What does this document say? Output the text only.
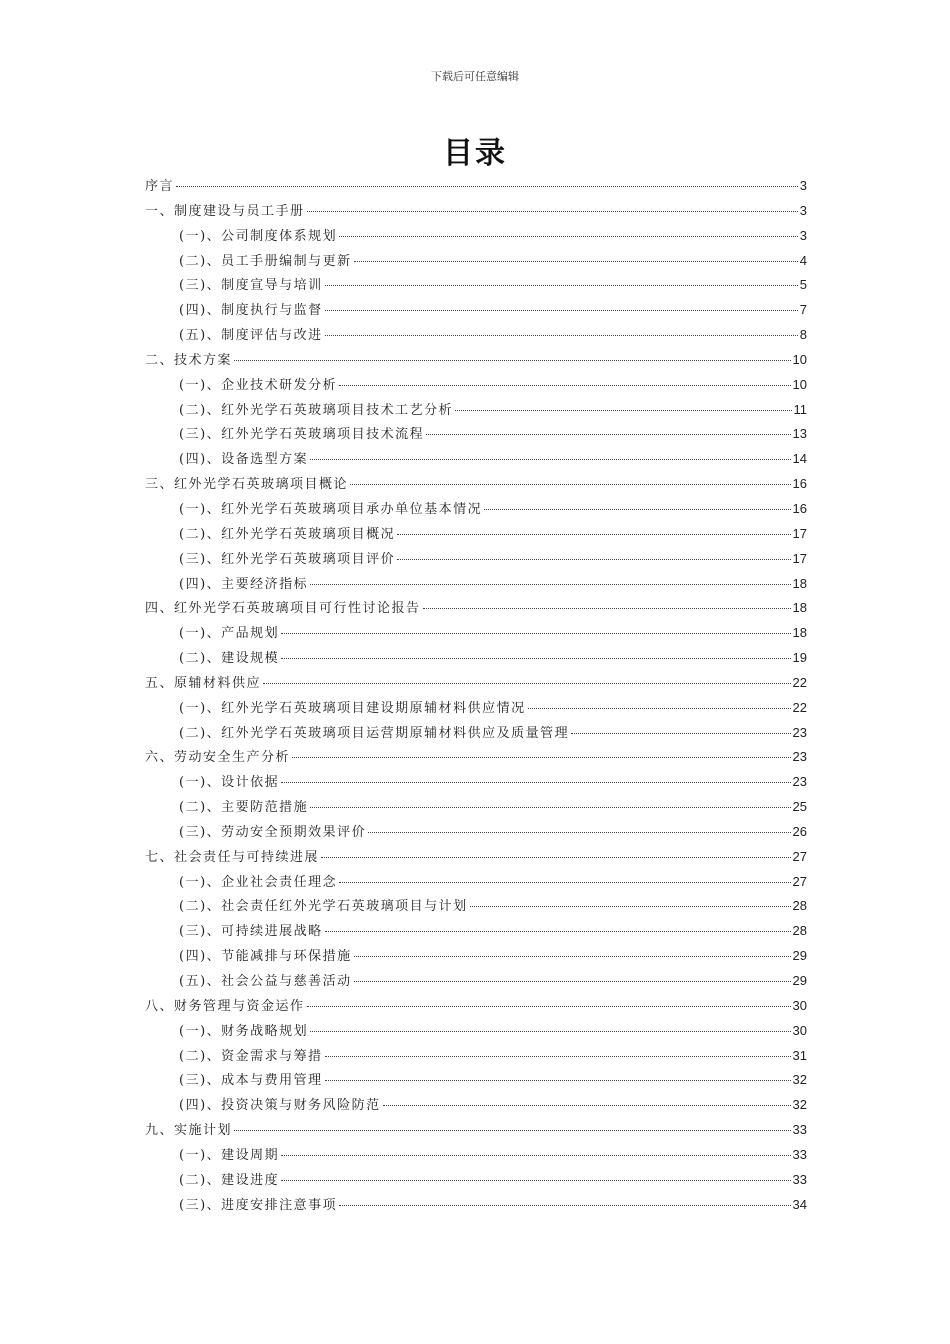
下载后可任意编辑
目录
序言	3
一、制度建设与员工手册	3
(一)、公司制度体系规划	3
(二)、员工手册编制与更新	4
(三)、制度宣导与培训	5
(四)、制度执行与监督	7
(五)、制度评估与改进	8
二、技术方案	10
(一)、企业技术研发分析	10
(二)、红外光学石英玻璃项目技术工艺分析	11
(三)、红外光学石英玻璃项目技术流程	13
(四)、设备选型方案	14
三、红外光学石英玻璃项目概论	16
(一)、红外光学石英玻璃项目承办单位基本情况	16
(二)、红外光学石英玻璃项目概况	17
(三)、红外光学石英玻璃项目评价	17
(四)、主要经济指标	18
四、红外光学石英玻璃项目可行性讨论报告	18
(一)、产品规划	18
(二)、建设规模	19
五、原辅材料供应	22
(一)、红外光学石英玻璃项目建设期原辅材料供应情况	22
(二)、红外光学石英玻璃项目运营期原辅材料供应及质量管理	23
六、劳动安全生产分析	23
(一)、设计依据	23
(二)、主要防范措施	25
(三)、劳动安全预期效果评价	26
七、社会责任与可持续进展	27
(一)、企业社会责任理念	27
(二)、社会责任红外光学石英玻璃项目与计划	28
(三)、可持续进展战略	28
(四)、节能减排与环保措施	29
(五)、社会公益与慈善活动	29
八、财务管理与资金运作	30
(一)、财务战略规划	30
(二)、资金需求与筹措	31
(三)、成本与费用管理	32
(四)、投资决策与财务风险防范	32
九、实施计划	33
(一)、建设周期	33
(二)、建设进度	33
(三)、进度安排注意事项	34
